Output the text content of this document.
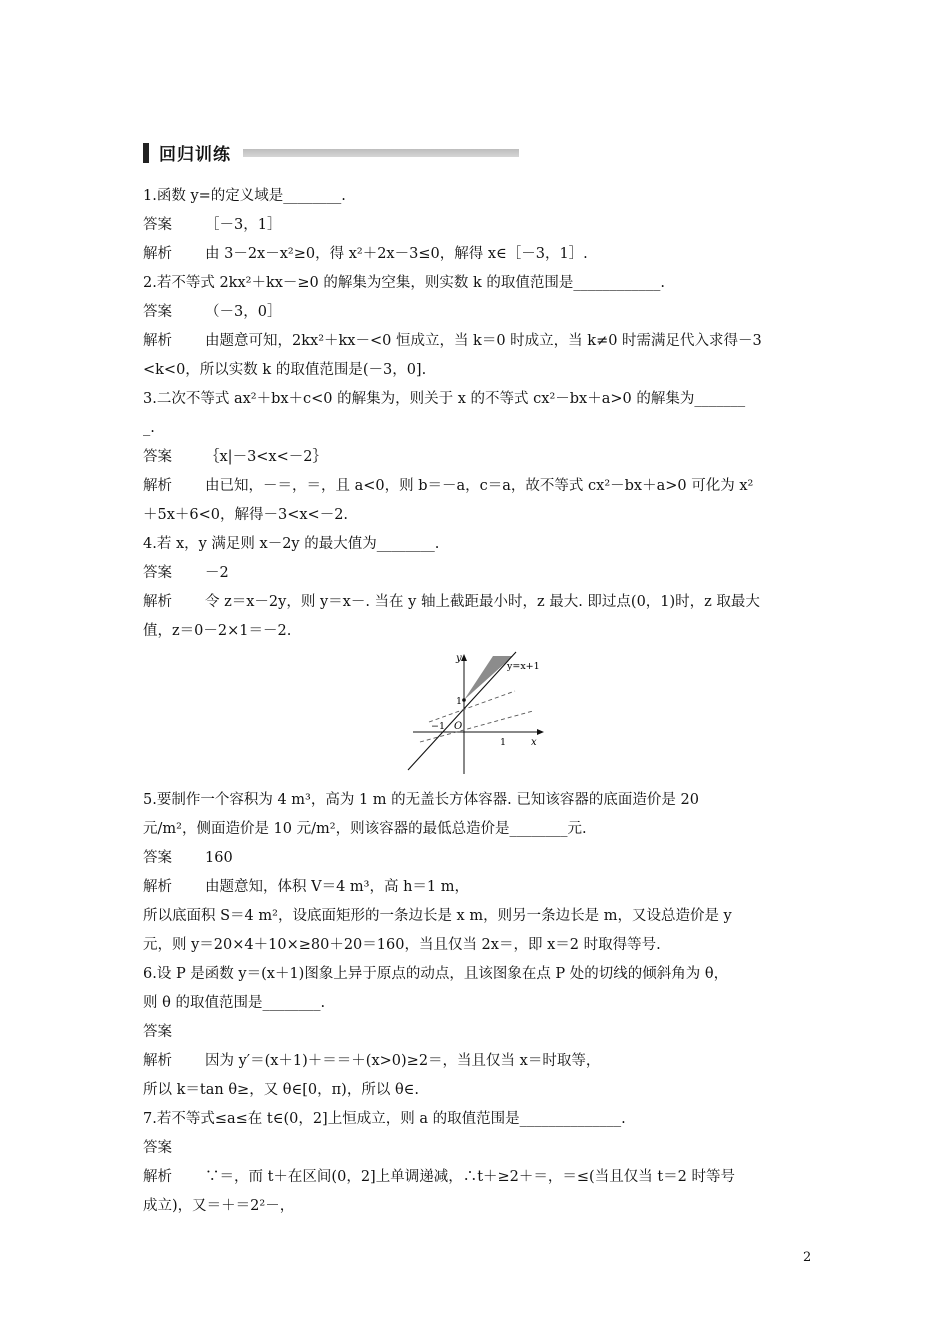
回归训练
1.函数 y=的定义域是________.
答案 ［－3，1］
解析 由 3－2x－x²≥0，得 x²＋2x－3≤0，解得 x∈［－3，1］.
2.若不等式 2kx²＋kx－≥0 的解集为空集，则实数 k 的取值范围是____________.
答案 （－3，0］
解析 由题意可知，2kx²＋kx－<0 恒成立，当 k＝0 时成立，当 k≠0 时需满足代入求得－3
<k<0，所以实数 k 的取值范围是(－3，0].
3.二次不等式 ax²＋bx＋c<0 的解集为，则关于 x 的不等式 cx²－bx＋a>0 的解集为_______
_.
答案 ｛x|－3<x<－2｝
解析 由已知，－＝，＝，且 a<0，则 b＝－a，c＝a，故不等式 cx²－bx＋a>0 可化为 x²
＋5x＋6<0，解得－3<x<－2.
4.若 x，y 满足则 x－2y 的最大值为________.
答案 －2
解析 令 z＝x－2y，则 y＝x－. 当在 y 轴上截距最小时，z 最大. 即过点(0，1)时，z 取最大
值，z＝0－2×1＝－2.
y
x
y=x+1
1
O
−1
1
5.要制作一个容积为 4 m³，高为 1 m 的无盖长方体容器. 已知该容器的底面造价是 20
元/m²，侧面造价是 10 元/m²，则该容器的最低总造价是________元.
答案 160
解析 由题意知，体积 V＝4 m³，高 h＝1 m，
所以底面积 S＝4 m²，设底面矩形的一条边长是 x m，则另一条边长是 m，又设总造价是 y
元，则 y＝20×4＋10×≥80＋20＝160，当且仅当 2x＝，即 x＝2 时取得等号.
6.设 P 是函数 y＝(x＋1)图象上异于原点的动点，且该图象在点 P 处的切线的倾斜角为 θ，
则 θ 的取值范围是________.
答案
解析 因为 y′＝(x＋1)＋＝＝＋(x>0)≥2＝，当且仅当 x＝时取等，
所以 k＝tan θ≥，又 θ∈[0，π)，所以 θ∈.
7.若不等式≤a≤在 t∈(0，2]上恒成立，则 a 的取值范围是______________.
答案
解析 ∵＝，而 t＋在区间(0，2]上单调递减，∴t＋≥2＋＝，＝≤(当且仅当 t＝2 时等号
成立)，又＝＋＝2²－，
2
